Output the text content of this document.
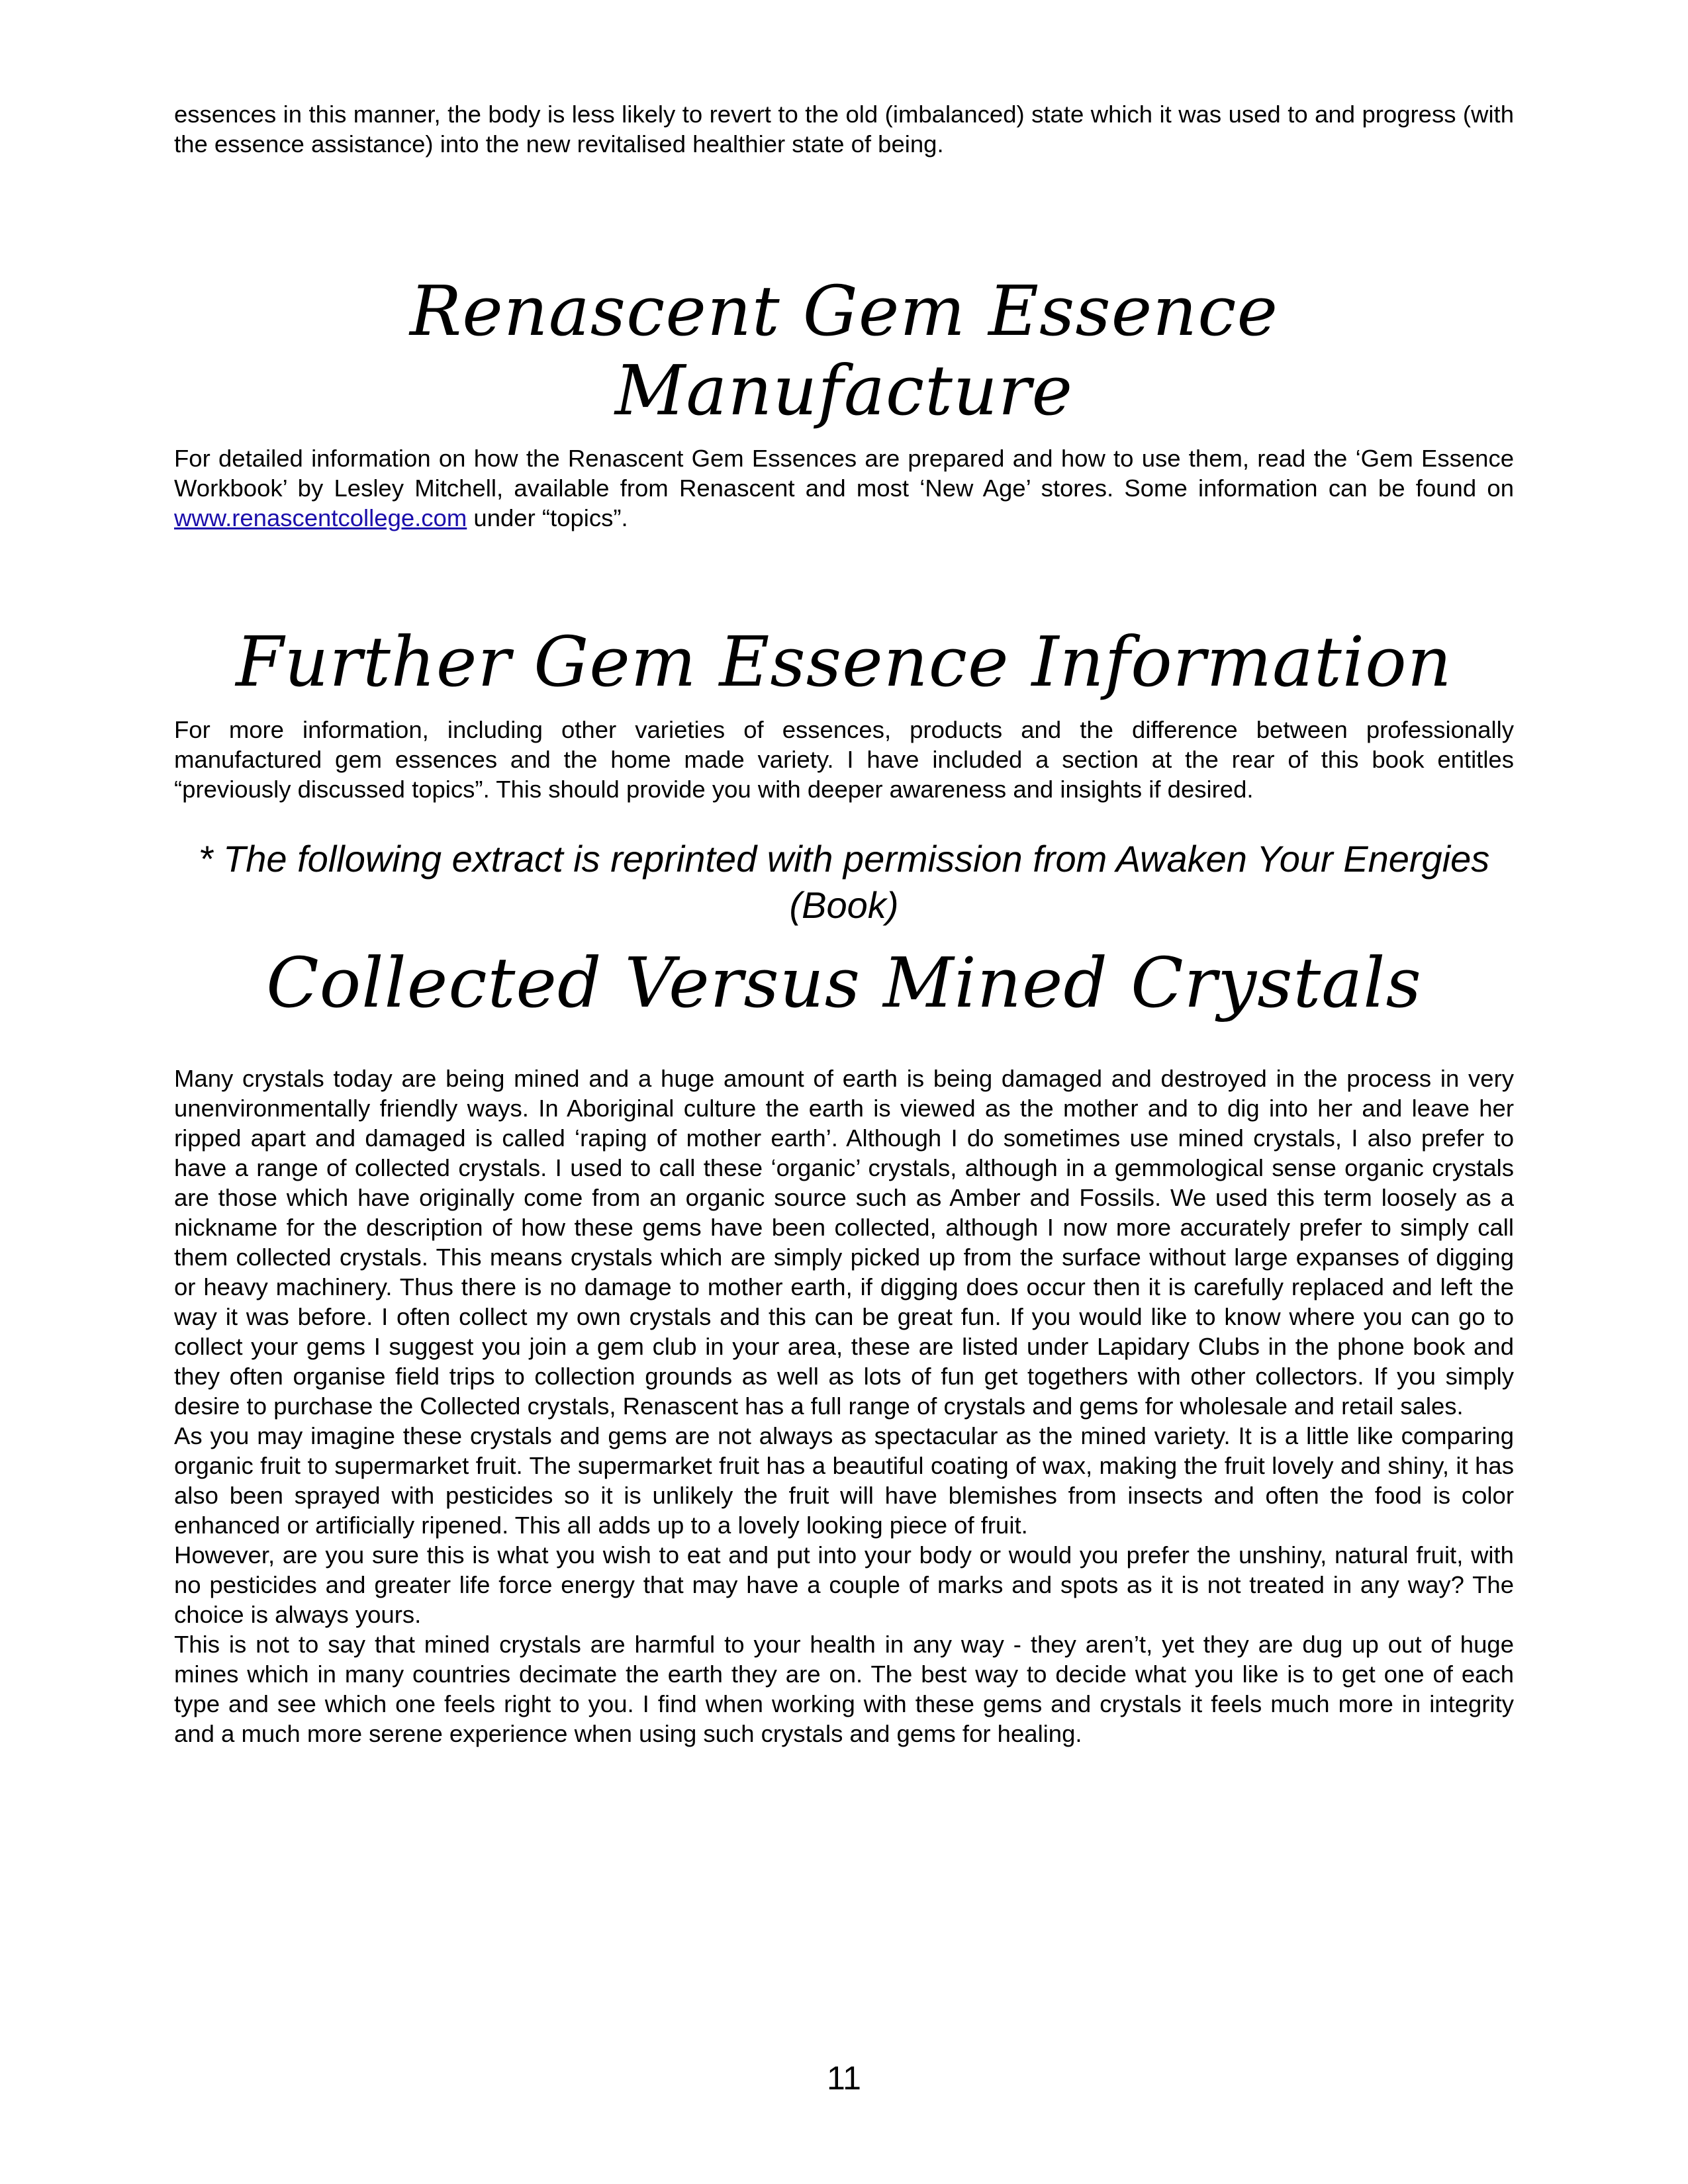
essences in this manner, the body is less likely to revert to the old (imbalanced) state which it was used to and progress (with the essence assistance) into the new revitalised healthier state of being.

Renascent Gem Essence Manufacture

For detailed information on how the Renascent Gem Essences are prepared and how to use them, read the ‘Gem Essence Workbook’ by Lesley Mitchell, available from Renascent and most ‘New Age’ stores. Some information can be found on www.renascentcollege.com under “topics”.

Further Gem Essence Information

For more information, including other varieties of essences, products and the difference between professionally manufactured gem essences and the home made variety. I have included a section at the rear of this book entitles “previously discussed topics”. This should provide you with deeper awareness and insights if desired.

* The following extract is reprinted with permission from Awaken Your Energies (Book)

Collected Versus Mined Crystals

Many crystals today are being mined and a huge amount of earth is being damaged and destroyed in the process in very unenvironmentally friendly ways. In Aboriginal culture the earth is viewed as the mother and to dig into her and leave her ripped apart and damaged is called ‘raping of mother earth’. Although I do sometimes use mined crystals, I also prefer to have a range of collected crystals. I used to call these ‘organic’ crystals, although in a gemmological sense organic crystals are those which have originally come from an organic source such as Amber and Fossils. We used this term loosely as a nickname for the description of how these gems have been collected, although I now more accurately prefer to simply call them collected crystals. This means crystals which are simply picked up from the surface without large expanses of digging or heavy machinery. Thus there is no damage to mother earth, if digging does occur then it is carefully replaced and left the way it was before. I often collect my own crystals and this can be great fun. If you would like to know where you can go to collect your gems I suggest you join a gem club in your area, these are listed under Lapidary Clubs in the phone book and they often organise field trips to collection grounds as well as lots of fun get togethers with other collectors. If you simply desire to purchase the Collected crystals, Renascent has a full range of crystals and gems for wholesale and retail sales.

As you may imagine these crystals and gems are not always as spectacular as the mined variety. It is a little like comparing organic fruit to supermarket fruit. The supermarket fruit has a beautiful coating of wax, making the fruit lovely and shiny, it has also been sprayed with pesticides so it is unlikely the fruit will have blemishes from insects and often the food is color enhanced or artificially ripened. This all adds up to a lovely looking piece of fruit.

However, are you sure this is what you wish to eat and put into your body or would you prefer the unshiny, natural fruit, with no pesticides and greater life force energy that may have a couple of marks and spots as it is not treated in any way? The choice is always yours.

This is not to say that mined crystals are harmful to your health in any way - they aren’t, yet they are dug up out of huge mines which in many countries decimate the earth they are on. The best way to decide what you like is to get one of each type and see which one feels right to you. I find when working with these gems and crystals it feels much more in integrity and a much more serene experience when using such crystals and gems for healing.

11
